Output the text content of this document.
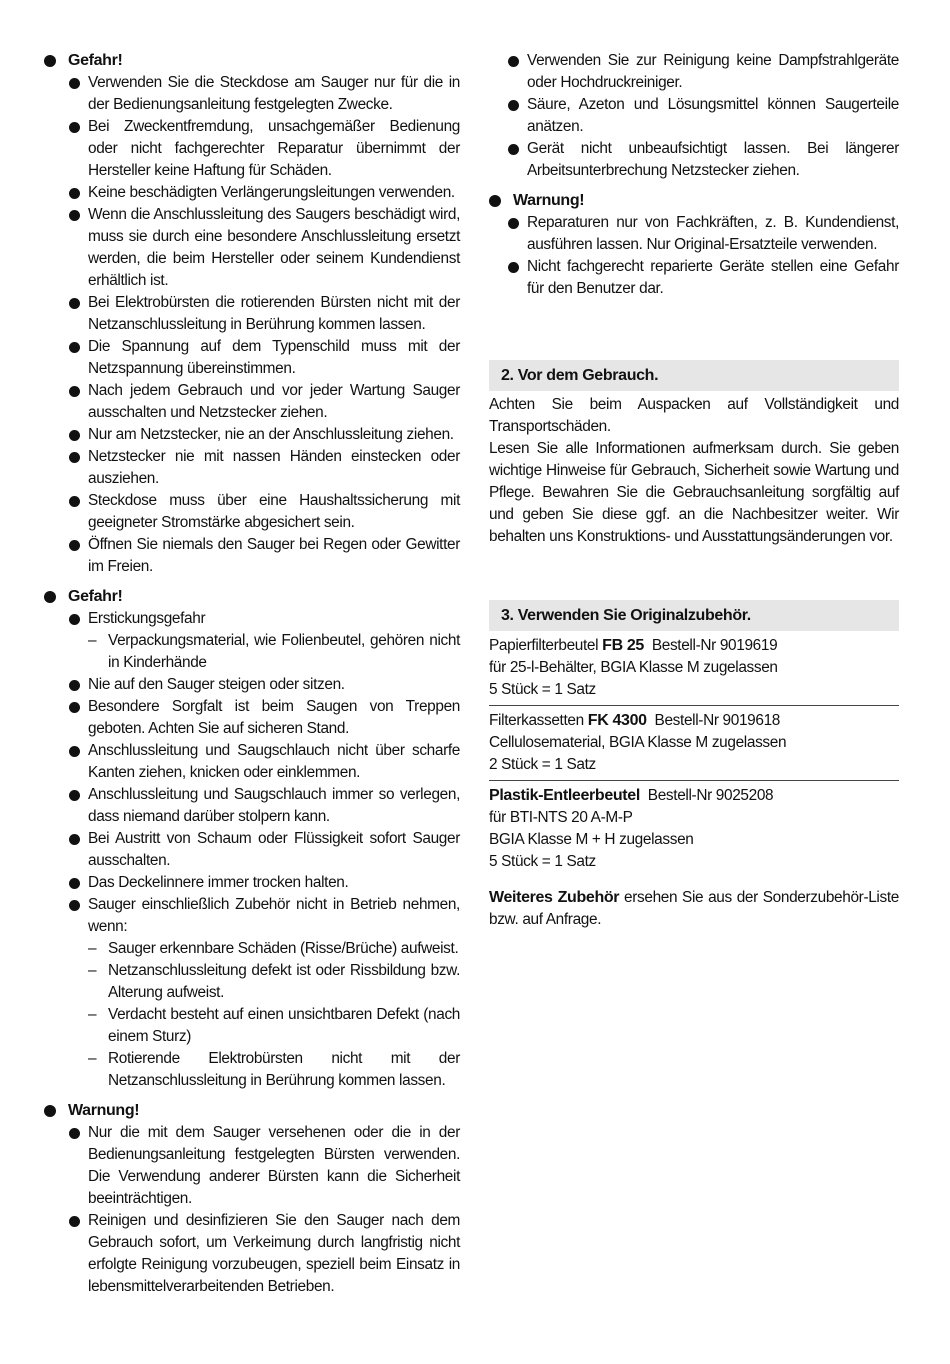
Gefahr!
Verwenden Sie die Steckdose am Sauger nur für die in der Bedienungsanleitung festgelegten Zwecke.
Bei Zweckentfremdung, unsachgemäßer Bedienung oder nicht fachgerechter Reparatur übernimmt der Hersteller keine Haftung für Schäden.
Keine beschädigten Verlängerungsleitungen verwenden.
Wenn die Anschlussleitung des Saugers beschädigt wird, muss sie durch eine besondere Anschlussleitung ersetzt werden, die beim Hersteller oder seinem Kundendienst erhältlich ist.
Bei Elektrobürsten die rotierenden Bürsten nicht mit der Netzanschlussleitung in Berührung kommen lassen.
Die Spannung auf dem Typenschild muss mit der Netzspannung übereinstimmen.
Nach jedem Gebrauch und vor jeder Wartung Sauger ausschalten und Netzstecker ziehen.
Nur am Netzstecker, nie an der Anschlussleitung ziehen.
Netzstecker nie mit nassen Händen einstecken oder ausziehen.
Steckdose muss über eine Haushaltssicherung mit geeigneter Stromstärke abgesichert sein.
Öffnen Sie niemals den Sauger bei Regen oder Gewitter im Freien.
Gefahr!
Erstickungsgefahr
– Verpackungsmaterial, wie Folienbeutel, gehören nicht in Kinderhände
Nie auf den Sauger steigen oder sitzen.
Besondere Sorgfalt ist beim Saugen von Treppen geboten. Achten Sie auf sicheren Stand.
Anschlussleitung und Saugschlauch nicht über scharfe Kanten ziehen, knicken oder einklemmen.
Anschlussleitung und Saugschlauch immer so verlegen, dass niemand darüber stolpern kann.
Bei Austritt von Schaum oder Flüssigkeit sofort Sauger ausschalten.
Das Deckelinnere immer trocken halten.
Sauger einschließlich Zubehör nicht in Betrieb nehmen, wenn:
– Sauger erkennbare Schäden (Risse/Brüche) aufweist.
– Netzanschlussleitung defekt ist oder Rissbildung bzw. Alterung aufweist.
– Verdacht besteht auf einen unsichtbaren Defekt (nach einem Sturz)
– Rotierende Elektrobürsten nicht mit der Netzanschlussleitung in Berührung kommen lassen.
Warnung!
Nur die mit dem Sauger versehenen oder die in der Bedienungsanleitung festgelegten Bürsten verwenden. Die Verwendung anderer Bürsten kann die Sicherheit beeinträchtigen.
Reinigen und desinfizieren Sie den Sauger nach dem Gebrauch sofort, um Verkeimung durch langfristig nicht erfolgte Reinigung vorzubeugen, speziell beim Einsatz in lebensmittelverarbeitenden Betrieben.
Verwenden Sie zur Reinigung keine Dampfstrahlgeräte oder Hochdruckreiniger.
Säure, Azeton und Lösungsmittel können Saugerteile anätzen.
Gerät nicht unbeaufsichtigt lassen. Bei längerer Arbeitsunterbrechung Netzstecker ziehen.
Warnung!
Reparaturen nur von Fachkräften, z. B. Kundendienst, ausführen lassen. Nur Original-Ersatzteile verwenden.
Nicht fachgerecht reparierte Geräte stellen eine Gefahr für den Benutzer dar.
2. Vor dem Gebrauch.

Achten Sie beim Auspacken auf Vollständigkeit und Transportschäden.

Lesen Sie alle Informationen aufmerksam durch. Sie geben wichtige Hinweise für Gebrauch, Sicherheit sowie Wartung und Pflege. Bewahren Sie die Gebrauchsanleitung sorgfältig auf und geben Sie diese ggf. an die Nachbesitzer weiter. Wir behalten uns Konstruktions- und Ausstattungsänderungen vor.

3. Verwenden Sie Originalzubehör.

Papierfilterbeutel FB 25 Bestell-Nr 9019619

für 25-l-Behälter, BGIA Klasse M zugelassen

5 Stück = 1 Satz

Filterkassetten FK 4300 Bestell-Nr 9019618

Cellulosematerial, BGIA Klasse M zugelassen

2 Stück = 1 Satz

Plastik-Entleerbeutel Bestell-Nr 9025208

für BTI-NTS 20 A-M-P

BGIA Klasse M + H zugelassen

5 Stück = 1 Satz

Weiteres Zubehör ersehen Sie aus der Sonderzubehör-Liste bzw. auf Anfrage.
